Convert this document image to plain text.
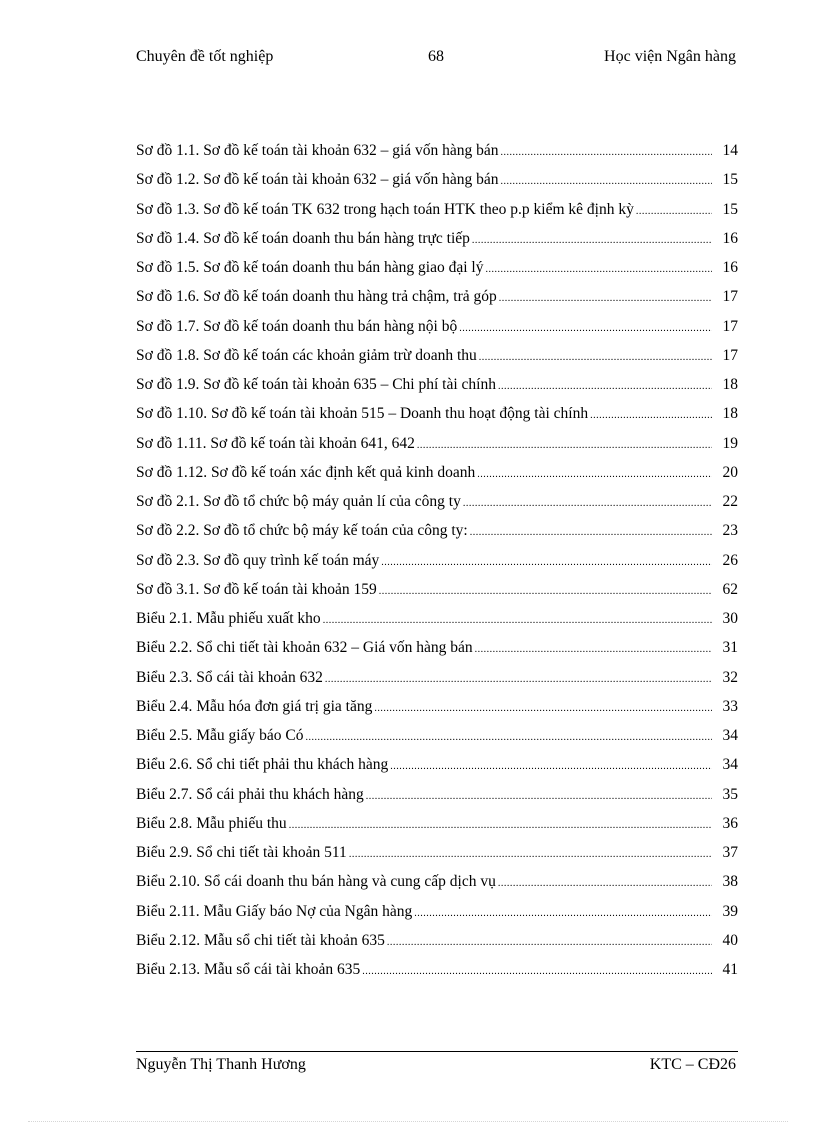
Chuyên đề tốt nghiệp	68	Học viện Ngân hàng
Sơ đồ 1.1. Sơ đồ kế toán tài khoản 632 – giá vốn hàng bán .....	14
Sơ đồ 1.2. Sơ đồ kế toán tài khoản 632 – giá vốn hàng bán .....	15
Sơ đồ 1.3. Sơ đồ kế toán TK 632 trong hạch toán HTK theo p.p kiểm kê định kỳ .....	15
Sơ đồ 1.4. Sơ đồ kế toán doanh thu bán hàng trực tiếp .....	16
Sơ đồ 1.5. Sơ đồ kế toán doanh thu bán hàng giao đại lý .....	16
Sơ đồ 1.6. Sơ đồ kế toán doanh thu hàng trả chậm, trả góp .....	17
Sơ đồ 1.7. Sơ đồ kế toán doanh thu bán hàng nội bộ .....	17
Sơ đồ 1.8. Sơ đồ kế toán các khoản giảm trừ doanh thu .....	17
Sơ đồ 1.9. Sơ đồ kế toán tài khoản 635 – Chi phí tài chính .....	18
Sơ đồ 1.10. Sơ đồ kế toán tài khoản 515 – Doanh thu hoạt động tài chính .....	18
Sơ đồ 1.11. Sơ đồ kế toán tài khoản 641, 642 .....	19
Sơ đồ 1.12. Sơ đồ kế toán xác định kết quả kinh doanh .....	20
Sơ đồ 2.1. Sơ đồ tổ chức bộ máy quản lí của công ty .....	22
Sơ đồ 2.2. Sơ đồ tổ chức bộ máy kế toán của công ty: .....	23
Sơ đồ 2.3. Sơ đồ quy trình kế toán máy .....	26
Sơ đồ 3.1. Sơ đồ kế toán tài khoản 159 .....	62
Biểu 2.1. Mẫu phiếu xuất kho .....	30
Biểu 2.2. Sổ chi tiết tài khoản 632 – Giá vốn hàng bán .....	31
Biểu 2.3. Sổ cái tài khoản 632 .....	32
Biểu 2.4. Mẫu hóa đơn giá trị gia tăng .....	33
Biểu 2.5. Mẫu giấy báo Có .....	34
Biểu 2.6. Sổ chi tiết phải thu khách hàng .....	34
Biểu 2.7. Sổ cái phải thu khách hàng .....	35
Biểu 2.8. Mẫu phiếu thu .....	36
Biểu 2.9. Sổ chi tiết tài khoản 511 .....	37
Biểu 2.10. Sổ cái doanh thu bán hàng và cung cấp dịch vụ .....	38
Biểu 2.11. Mẫu Giấy báo Nợ của Ngân hàng .....	39
Biểu 2.12. Mẫu sổ chi tiết tài khoản 635 .....	40
Biểu 2.13. Mẫu sổ cái tài khoản 635 .....	41
Nguyễn Thị Thanh Hương	KTC – CĐ26
